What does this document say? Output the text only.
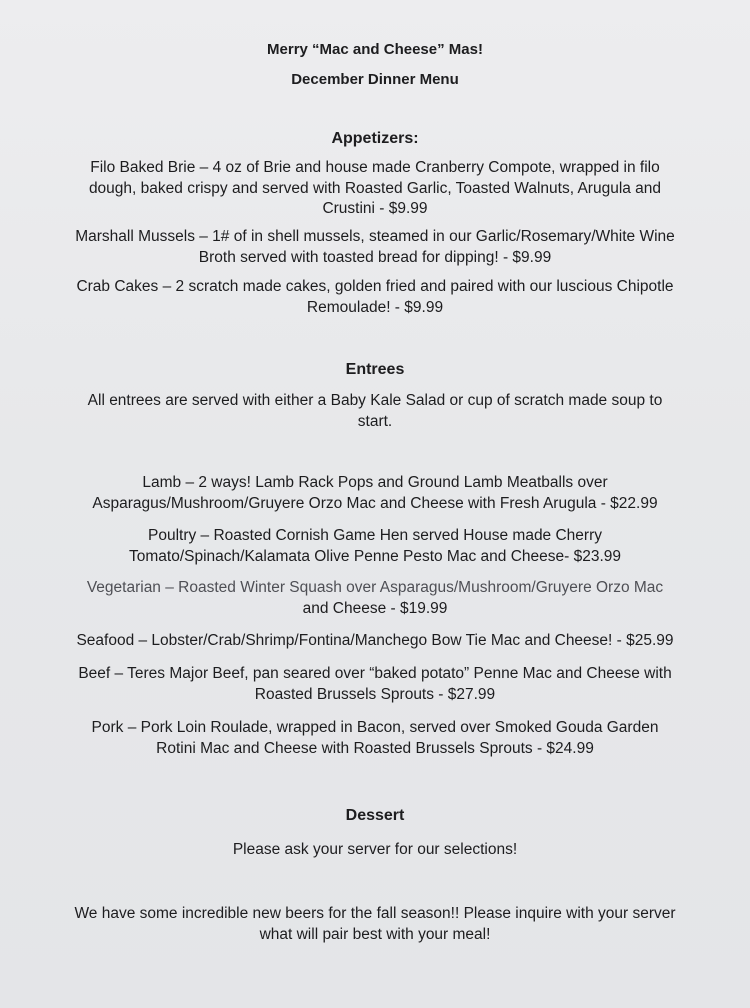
Merry “Mac and Cheese” Mas!
December Dinner Menu
Appetizers:
Filo Baked Brie – 4 oz of Brie and house made Cranberry Compote, wrapped in filo
dough, baked crispy and served with Roasted Garlic, Toasted Walnuts, Arugula and
Crustini - $9.99
Marshall Mussels – 1# of in shell mussels, steamed in our Garlic/Rosemary/White Wine
Broth served with toasted bread for dipping! - $9.99
Crab Cakes – 2 scratch made cakes, golden fried and paired with our luscious Chipotle
Remoulade! - $9.99
Entrees
All entrees are served with either a Baby Kale Salad or cup of scratch made soup to
start.
Lamb – 2 ways! Lamb Rack Pops and Ground Lamb Meatballs over
Asparagus/Mushroom/Gruyere Orzo Mac and Cheese with Fresh Arugula - $22.99
Poultry – Roasted Cornish Game Hen served House made Cherry
Tomato/Spinach/Kalamata Olive Penne Pesto Mac and Cheese- $23.99
Vegetarian – Roasted Winter Squash over Asparagus/Mushroom/Gruyere Orzo Mac
and Cheese - $19.99
Seafood – Lobster/Crab/Shrimp/Fontina/Manchego Bow Tie Mac and Cheese! - $25.99
Beef – Teres Major Beef, pan seared over “baked potato” Penne Mac and Cheese with
Roasted Brussels Sprouts - $27.99
Pork – Pork Loin Roulade, wrapped in Bacon, served over Smoked Gouda Garden
Rotini Mac and Cheese with Roasted Brussels Sprouts - $24.99
Dessert
Please ask your server for our selections!
We have some incredible new beers for the fall season!! Please inquire with your server
what will pair best with your meal!
